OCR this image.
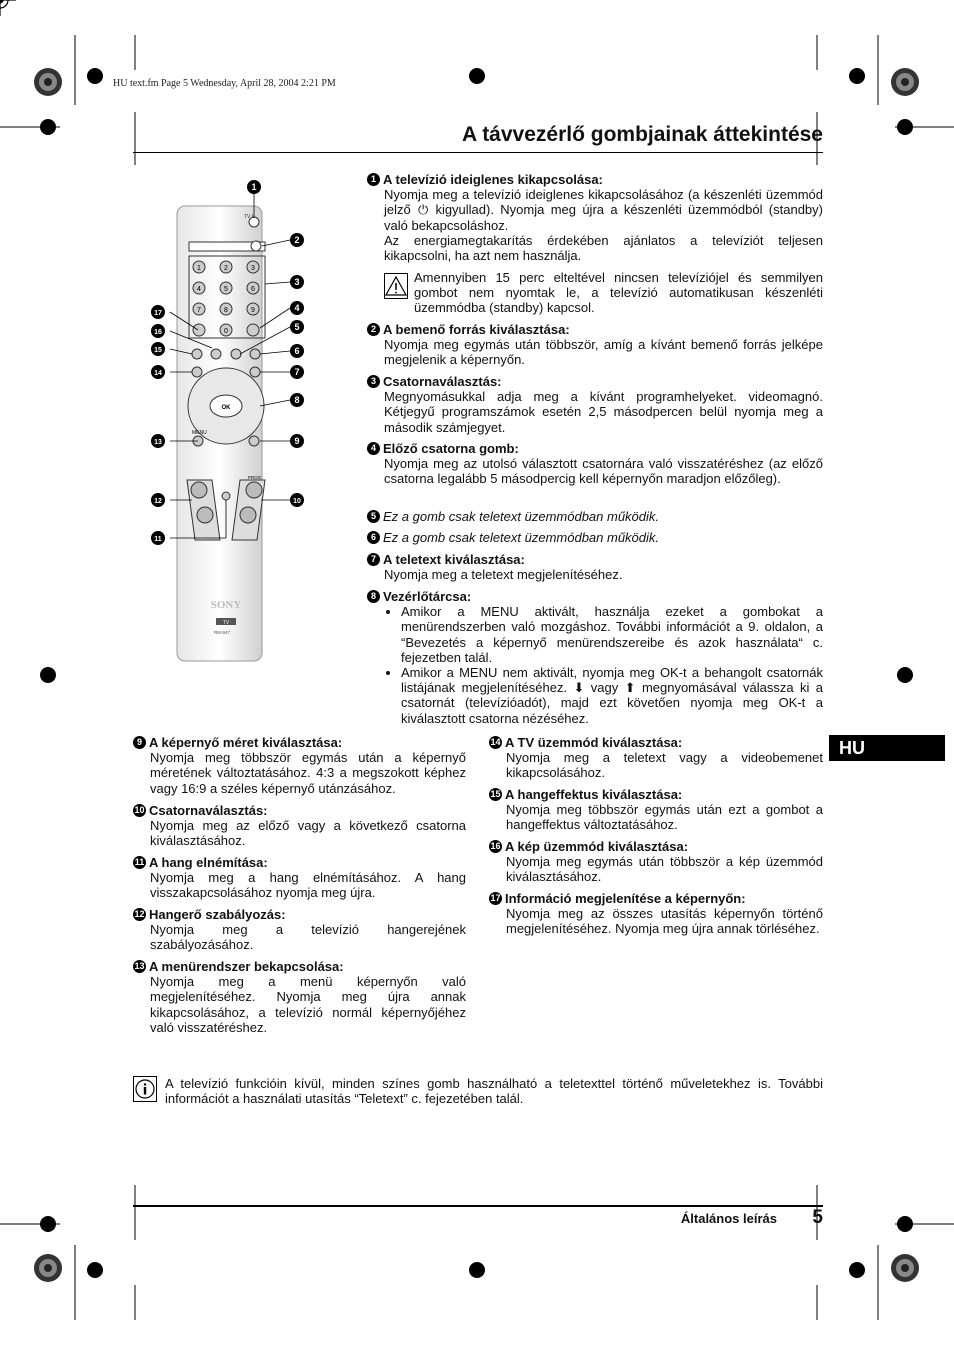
HU text.fm Page 5 Wednesday, April 28, 2004 2:21 PM
A távvezérlő gombjainak áttekintése
TV I/
1	2	3
4	5	6
7	8	9
0
OK
MENU
PROG
SONY
TV
RM-947
1
2
3
4
5
6
7
8
9
10
11
12
13
14
15
16
17
1 A televízió ideiglenes kikapcsolása:
Nyomja meg a televízió ideiglenes kikapcsolásához (a készenléti üzemmód jelző ⏻ kigyullad). Nyomja meg újra a készenléti üzemmódból (standby) való bekapcsoláshoz.
Az energiamegtakarítás érdekében ajánlatos a televíziót teljesen kikapcsolni, ha azt nem használja.
Amennyiben 15 perc elteltével nincsen televíziójel és semmilyen gombot nem nyomtak le, a televízió automatikusan készenléti üzemmódba (standby) kapcsol.
2 A bemenő forrás kiválasztása:
Nyomja meg egymás után többször, amíg a kívánt bemenő forrás jelképe megjelenik a képernyőn.
3 Csatornaválasztás:
Megnyomásukkal adja meg a kívánt programhelyeket. videomagnó. Kétjegyű programszámok esetén 2,5 másodpercen belül nyomja meg a második számjegyet.
4 Előző csatorna gomb:
Nyomja meg az utolsó választott csatornára való visszatéréshez (az előző csatorna legalább 5 másodpercig kell képernyőn maradjon előzőleg).
5 Ez a gomb csak teletext üzemmódban működik.
6 Ez a gomb csak teletext üzemmódban működik.
7 A teletext kiválasztása:
Nyomja meg a teletext megjelenítéséhez.
8 Vezérlőtárcsa:
• Amikor a MENU aktivált, használja ezeket a gombokat a menürendszerben való mozgáshoz. További információt a 9. oldalon, a “Bevezetés a képernyő menürendszereibe és azok használata“ c. fejezetben talál.
• Amikor a MENU nem aktivált, nyomja meg OK-t a behangolt csatornák listájának megjelenítéséhez. ⬇ vagy ⬆ megnyomásával válassza ki a csatornát (televízióadót), majd ezt követően nyomja meg OK-t a kiválasztott csatorna nézéséhez.
9 A képernyő méret kiválasztása:
Nyomja meg többször egymás után a képernyő méretének változtatásához. 4:3 a megszokott képhez vagy 16:9 a széles képernyő utánzásához.
10 Csatornaválasztás:
Nyomja meg az előző vagy a következő csatorna kiválasztásához.
11 A hang elnémítása:
Nyomja meg a hang elnémításához. A hang visszakapcsolásához nyomja meg újra.
12 Hangerő szabályozás:
Nyomja meg a televízió hangerejének szabályozásához.
13 A menürendszer bekapcsolása:
Nyomja meg a menü képernyőn való megjelenítéséhez. Nyomja meg újra annak kikapcsolásához, a televízió normál képernyőjéhez való visszatéréshez.
14 A TV üzemmód kiválasztása:
Nyomja meg a teletext vagy a videobemenet kikapcsolásához.
15 A hangeffektus kiválasztása:
Nyomja meg többször egymás után ezt a gombot a hangeffektus változtatásához.
16 A kép üzemmód kiválasztása:
Nyomja meg egymás után többször a kép üzemmód kiválasztásához.
17 Információ megjelenítése a képernyőn:
Nyomja meg az összes utasítás képernyőn történő megjelenítéséhez. Nyomja meg újra annak törléséhez.
A televízió funkcióin kívül, minden színes gomb használható a teletexttel történő műveletekhez is. További információt a használati utasítás “Teletext” c. fejezetében talál.
HU
Általános leírás	5
